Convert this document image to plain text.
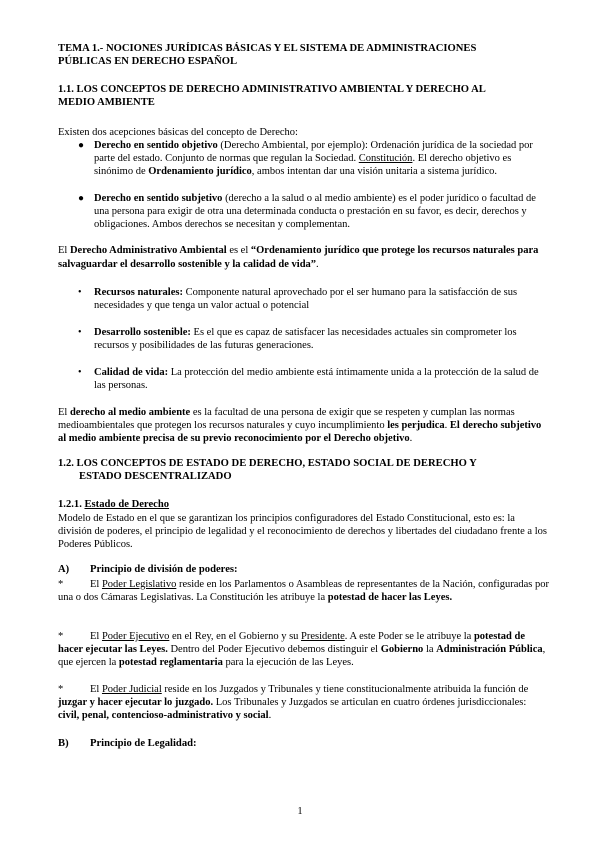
TEMA 1.- NOCIONES JURÍDICAS BÁSICAS Y EL SISTEMA DE ADMINISTRACIONES
PÚBLICAS EN DERECHO ESPAÑOL
1.1. LOS CONCEPTOS DE DERECHO ADMINISTRATIVO AMBIENTAL Y DERECHO AL
MEDIO AMBIENTE
Existen dos acepciones básicas del concepto de Derecho:
● Derecho en sentido objetivo (Derecho Ambiental, por ejemplo): Ordenación jurídica de la sociedad por parte del estado. Conjunto de normas que regulan la Sociedad. Constitución. El derecho objetivo es sinónimo de Ordenamiento jurídico, ambos intentan dar una visión unitaria a sistema jurídico.
● Derecho en sentido subjetivo (derecho a la salud o al medio ambiente) es el poder jurídico o facultad de una persona para exigir de otra una determinada conducta o prestación en su favor, es decir, derechos y obligaciones. Ambos derechos se necesitan y complementan.
El Derecho Administrativo Ambiental es el “Ordenamiento jurídico que protege los recursos naturales para salvaguardar el desarrollo sostenible y la calidad de vida”.
• Recursos naturales: Componente natural aprovechado por el ser humano para la satisfacción de sus necesidades y que tenga un valor actual o potencial
• Desarrollo sostenible: Es el que es capaz de satisfacer las necesidades actuales sin comprometer los recursos y posibilidades de las futuras generaciones.
• Calidad de vida: La protección del medio ambiente está íntimamente unida a la protección de la salud de las personas.
El derecho al medio ambiente es la facultad de una persona de exigir que se respeten y cumplan las normas medioambientales que protegen los recursos naturales y cuyo incumplimiento les perjudica. El derecho subjetivo al medio ambiente precisa de su previo reconocimiento por el Derecho objetivo.
1.2. LOS CONCEPTOS DE ESTADO DE DERECHO, ESTADO SOCIAL DE DERECHO Y
ESTADO DESCENTRALIZADO
1.2.1. Estado de Derecho
Modelo de Estado en el que se garantizan los principios configuradores del Estado Constitucional, esto es: la división de poderes, el principio de legalidad y el reconocimiento de derechos y libertades del ciudadano frente a los Poderes Públicos.
A) Principio de división de poderes:
*	El Poder Legislativo reside en los Parlamentos o Asambleas de representantes de la Nación, configuradas por una o dos Cámaras Legislativas. La Constitución les atribuye la potestad de hacer las Leyes.
*	El Poder Ejecutivo en el Rey, en el Gobierno y su Presidente. A este Poder se le atribuye la potestad de hacer ejecutar las Leyes. Dentro del Poder Ejecutivo debemos distinguir el Gobierno la Administración Pública, que ejercen la potestad reglamentaria para la ejecución de las Leyes.
*	El Poder Judicial reside en los Juzgados y Tribunales y tiene constitucionalmente atribuida la función de juzgar y hacer ejecutar lo juzgado. Los Tribunales y Juzgados se articulan en cuatro órdenes jurisdiccionales: civil, penal, contencioso-administrativo y social.
B) Principio de Legalidad:
1
